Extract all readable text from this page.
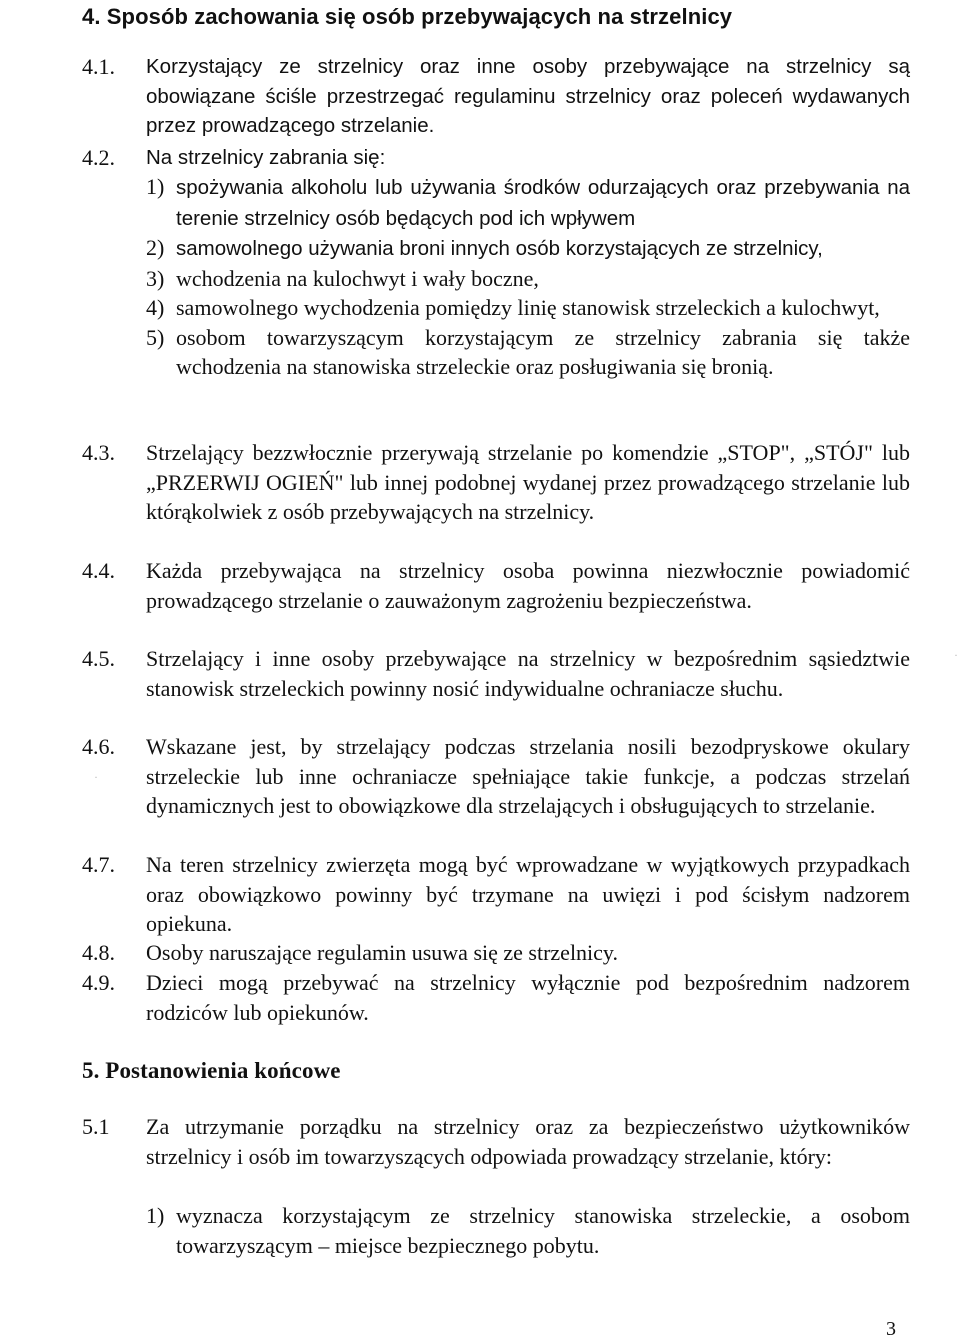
4. Sposób zachowania się osób przebywających na strzelnicy
4.1. Korzystający ze strzelnicy oraz inne osoby przebywające na strzelnicy są obowiązane ściśle przestrzegać regulaminu strzelnicy oraz poleceń wydawanych przez prowadzącego strzelanie.
4.2. Na strzelnicy zabrania się:
1) spożywania alkoholu lub używania środków odurzających oraz przebywania na terenie strzelnicy osób będących pod ich wpływem
2) samowolnego używania broni innych osób korzystających ze strzelnicy,
3) wchodzenia na kulochwyt i wały boczne,
4) samowolnego wychodzenia pomiędzy linię stanowisk strzeleckich a kulochwyt,
5) osobom towarzyszącym korzystającym ze strzelnicy zabrania się także wchodzenia na stanowiska strzeleckie oraz posługiwania się bronią.
4.3. Strzelający bezzwłocznie przerywają strzelanie po komendzie „STOP", „STÓJ" lub „PRZERWIJ OGIEŃ" lub innej podobnej wydanej przez prowadzącego strzelanie lub którąkolwiek z osób przebywających na strzelnicy.
4.4. Każda przebywająca na strzelnicy osoba powinna niezwłocznie powiadomić prowadzącego strzelanie o zauważonym zagrożeniu bezpieczeństwa.
4.5. Strzelający i inne osoby przebywające na strzelnicy w bezpośrednim sąsiedztwie stanowisk strzeleckich powinny nosić indywidualne ochraniacze słuchu.
4.6. Wskazane jest, by strzelający podczas strzelania nosili bezodpryskowe okulary strzeleckie lub inne ochraniacze spełniające takie funkcje, a podczas strzelań dynamicznych jest to obowiązkowe dla strzelających i obsługujących to strzelanie.
4.7. Na teren strzelnicy zwierzęta mogą być wprowadzane w wyjątkowych przypadkach oraz obowiązkowo powinny być trzymane na uwięzi i pod ścisłym nadzorem opiekuna.
4.8. Osoby naruszające regulamin usuwa się ze strzelnicy.
4.9. Dzieci mogą przebywać na strzelnicy wyłącznie pod bezpośrednim nadzorem rodziców lub opiekunów.
5. Postanowienia końcowe
5.1 Za utrzymanie porządku na strzelnicy oraz za bezpieczeństwo użytkowników strzelnicy i osób im towarzyszących odpowiada prowadzący strzelanie, który:
1) wyznacza korzystającym ze strzelnicy stanowiska strzeleckie, a osobom towarzyszącym – miejsce bezpiecznego pobytu.
3
·
·
